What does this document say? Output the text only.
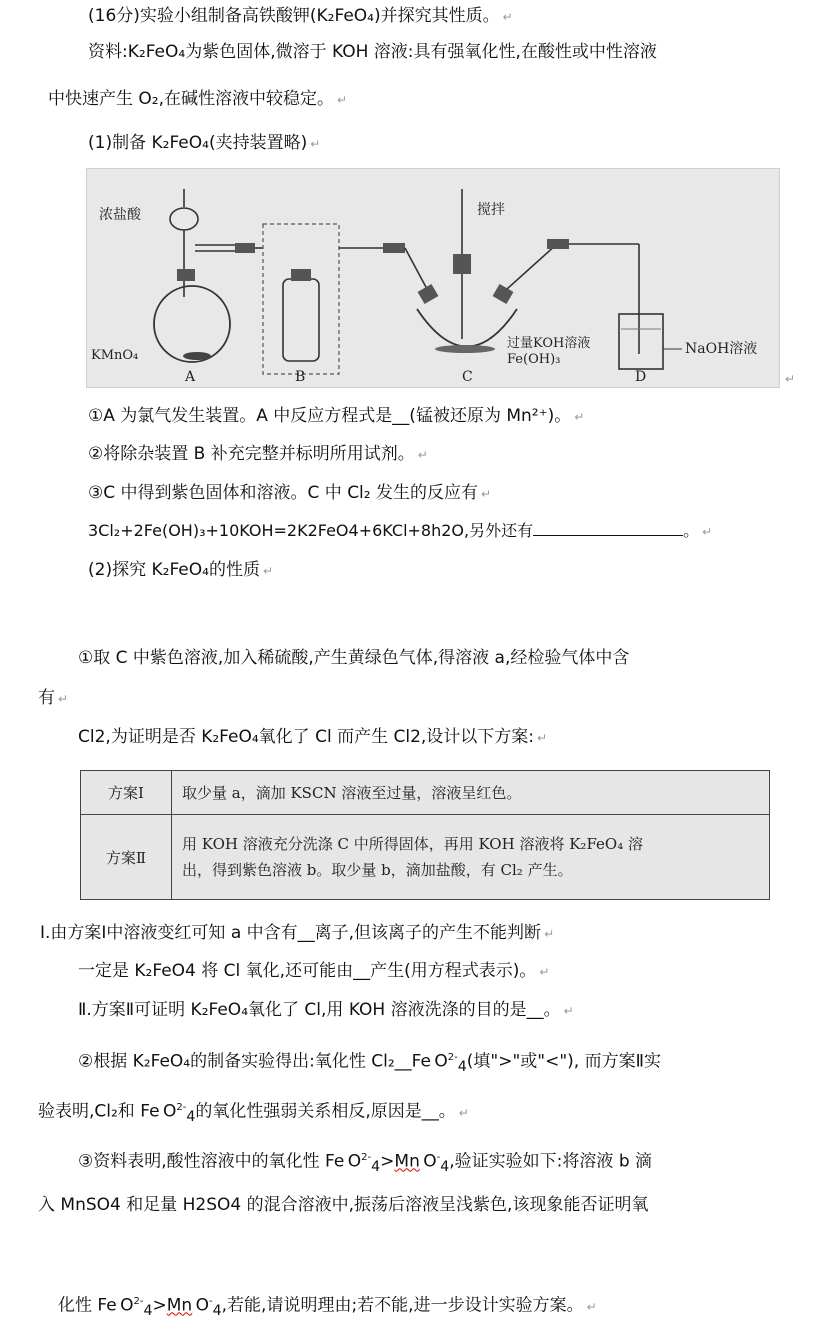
(16分)实验小组制备高铁酸钾(K₂FeO₄)并探究其性质。 ↵
资料:K₂FeO₄为紫色固体,微溶于 KOH 溶液:具有强氧化性,在酸性或中性溶液
中快速产生 O₂,在碱性溶液中较稳定。 ↵
(1)制备 K₂FeO₄(夹持装置略) ↵
浓盐酸	搅拌
KMnO₄
过量KOH溶液
Fe(OH)₃
NaOH溶液
A	B	C	D	↵
①A 为氯气发生装置。A 中反应方程式是__(锰被还原为 Mn²⁺)。 ↵
②将除杂装置 B 补充完整并标明所用试剂。 ↵
③C 中得到紫色固体和溶液。C 中 Cl₂ 发生的反应有 ↵
3Cl₂+2Fe(OH)₃+10KOH=2K2FeO4+6KCl+8h2O,另外还有	。 ↵
(2)探究 K₂FeO₄的性质 ↵
①取 C 中紫色溶液,加入稀硫酸,产生黄绿色气体,得溶液 a,经检验气体中含
有 ↵
Cl2,为证明是否 K₂FeO₄氧化了 Cl 而产生 Cl2,设计以下方案: ↵
方案Ⅰ	取少量 a，滴加 KSCN 溶液至过量，溶液呈红色。
方案Ⅱ	用 KOH 溶液充分洗涤 C 中所得固体，再用 KOH 溶液将 K₂FeO₄ 溶
出，得到紫色溶液 b。取少量 b，滴加盐酸，有 Cl₂ 产生。
Ⅰ.由方案Ⅰ中溶液变红可知 a 中含有__离子,但该离子的产生不能判断 ↵
一定是 K₂FeO4 将 Cl 氧化,还可能由__产生(用方程式表示)。 ↵
Ⅱ.方案Ⅱ可证明 K₂FeO₄氧化了 Cl,用 KOH 溶液洗涤的目的是__。 ↵
②根据 K₂FeO₄的制备实验得出:氧化性 Cl₂__Fe  $O^{2-}_4$(填">"或"<"), 而方案Ⅱ实
验表明,Cl₂和 Fe  $O^{2-}_4$的氧化性强弱关系相反,原因是__。 ↵
③资料表明,酸性溶液中的氧化性 Fe  $O^{2-}_4>Mn$  $O^-_4$,验证实验如下:将溶液 b 滴
入 MnSO4 和足量 H2SO4 的混合溶液中,振荡后溶液呈浅紫色,该现象能否证明氧
化性 Fe  $O^{2-}_4>Mn$  $O^-_4$,若能,请说明理由;若不能,进一步设计实验方案。 ↵
